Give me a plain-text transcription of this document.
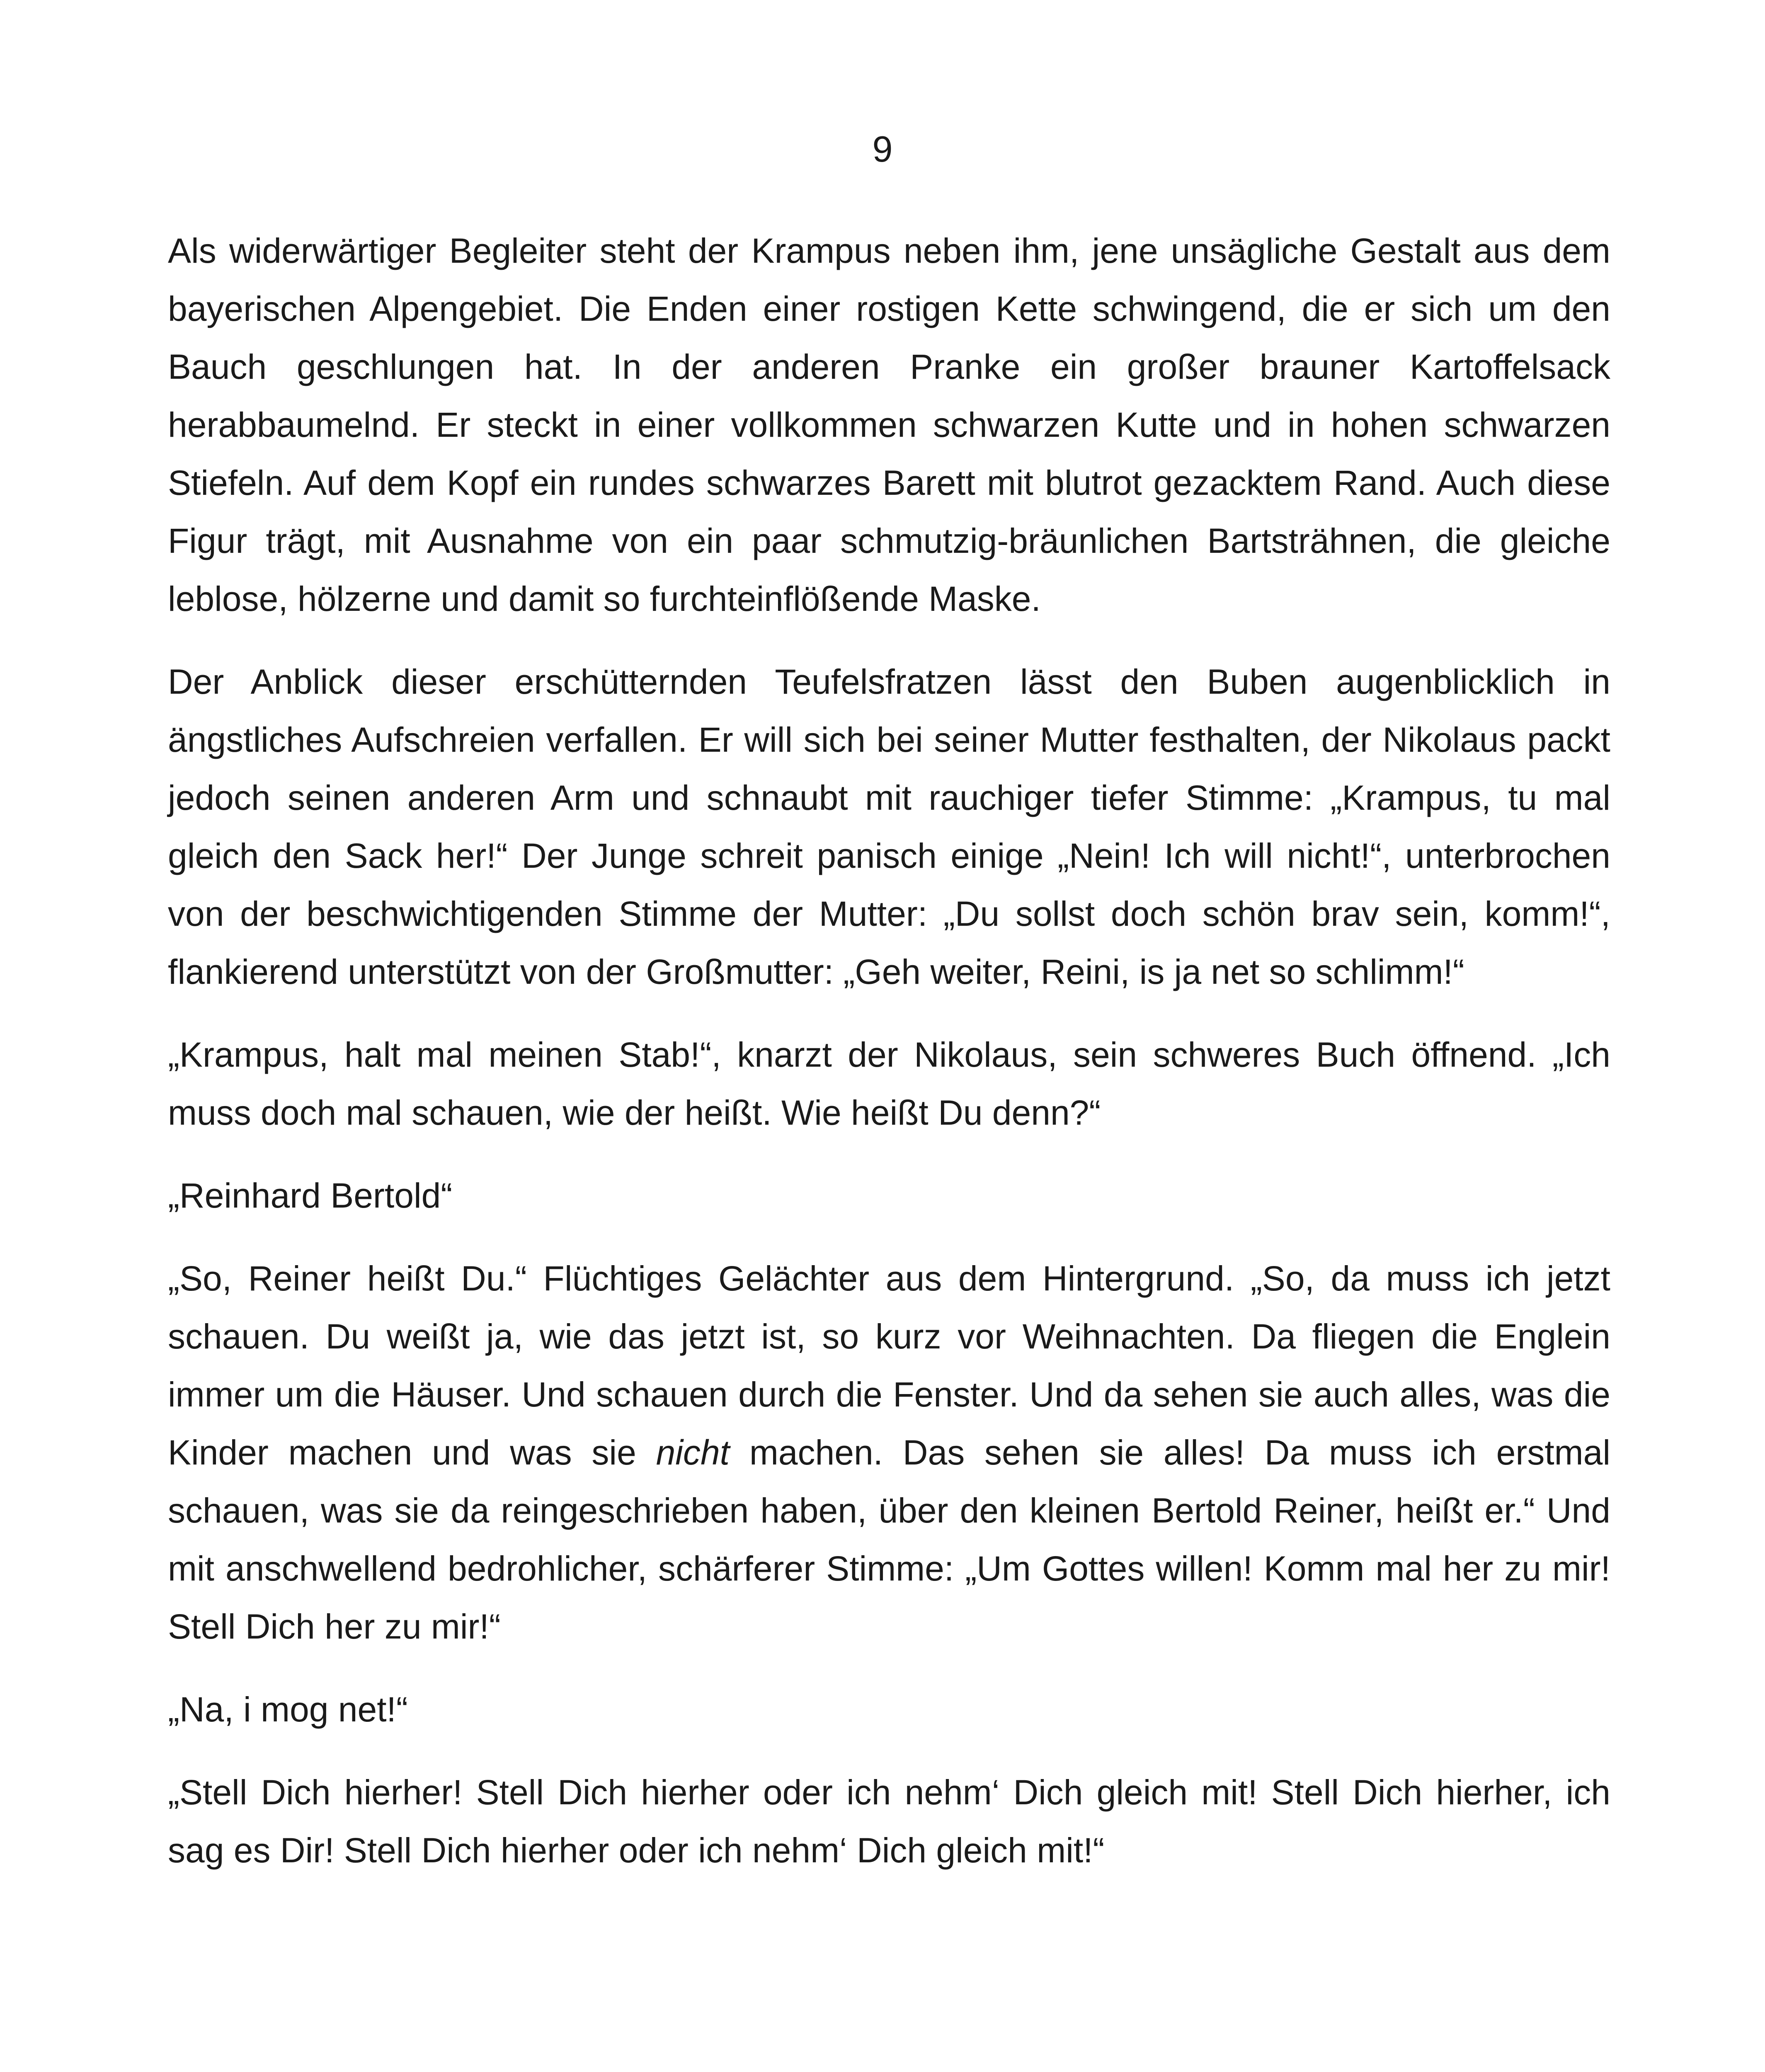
9

Als widerwärtiger Begleiter steht der Krampus neben ihm, jene unsägliche Gestalt aus dem bayerischen Alpengebiet. Die Enden einer rostigen Kette schwingend, die er sich um den Bauch geschlungen hat. In der anderen Pranke ein großer brauner Kartoffelsack herabbaumelnd. Er steckt in einer vollkommen schwarzen Kutte und in hohen schwarzen Stiefeln. Auf dem Kopf ein rundes schwarzes Barett mit blutrot gezacktem Rand. Auch diese Figur trägt, mit Ausnahme von ein paar schmutzig-bräunlichen Bartsträhnen, die gleiche leblose, hölzerne und damit so furchteinflößende Maske.

Der Anblick dieser erschütternden Teufelsfratzen lässt den Buben augenblicklich in ängstliches Aufschreien verfallen. Er will sich bei seiner Mutter festhalten, der Nikolaus packt jedoch seinen anderen Arm und schnaubt mit rauchiger tiefer Stimme: „Krampus, tu mal gleich den Sack her!“ Der Junge schreit panisch einige „Nein! Ich will nicht!“, unterbrochen von der beschwichtigenden Stimme der Mutter: „Du sollst doch schön brav sein, komm!“, flankierend unterstützt von der Großmutter: „Geh weiter, Reini, is ja net so schlimm!“

„Krampus, halt mal meinen Stab!“, knarzt der Nikolaus, sein schweres Buch öffnend. „Ich muss doch mal schauen, wie der heißt. Wie heißt Du denn?“

„Reinhard Bertold“

„So, Reiner heißt Du.“ Flüchtiges Gelächter aus dem Hintergrund. „So, da muss ich jetzt schauen. Du weißt ja, wie das jetzt ist, so kurz vor Weihnachten. Da fliegen die Englein immer um die Häuser. Und schauen durch die Fenster. Und da sehen sie auch alles, was die Kinder machen und was sie nicht machen. Das sehen sie alles! Da muss ich erstmal schauen, was sie da reingeschrieben haben, über den kleinen Bertold Reiner, heißt er.“ Und mit anschwellend bedrohlicher, schärferer Stimme: „Um Gottes willen! Komm mal her zu mir! Stell Dich her zu mir!“

„Na, i mog net!“

„Stell Dich hierher! Stell Dich hierher oder ich nehm‘ Dich gleich mit! Stell Dich hierher, ich sag es Dir! Stell Dich hierher oder ich nehm‘ Dich gleich mit!“
